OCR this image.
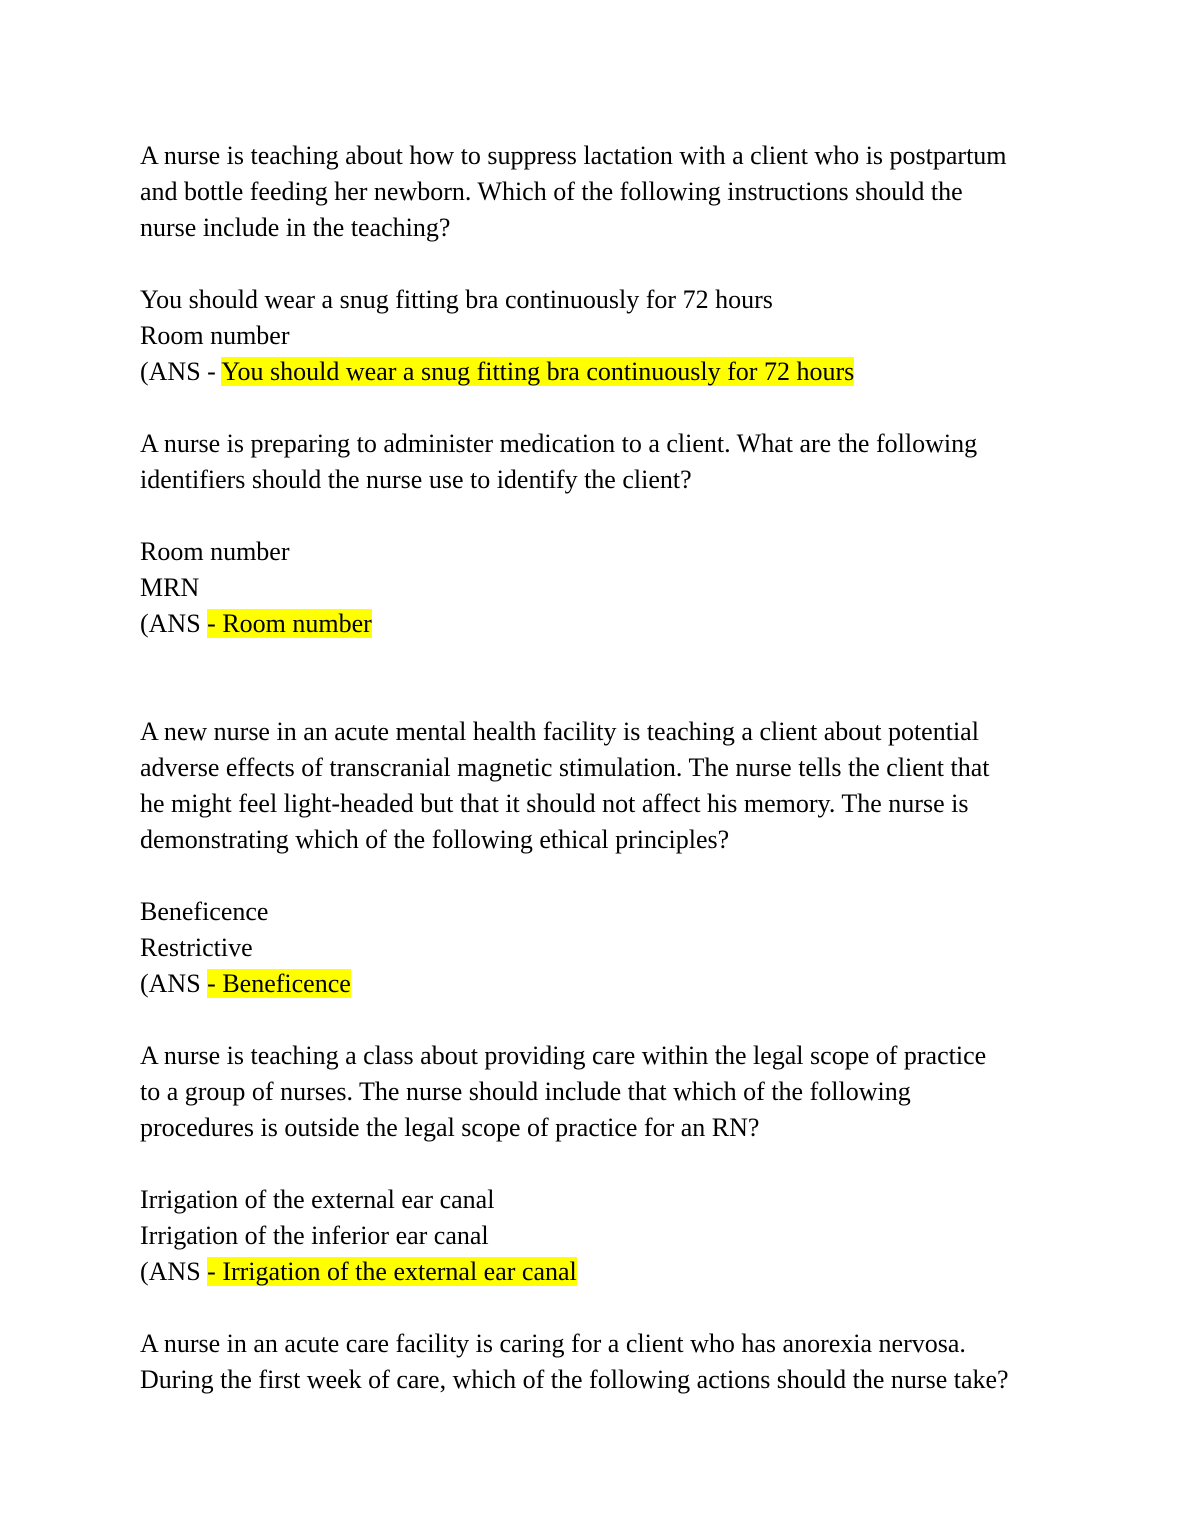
A nurse is teaching about how to suppress lactation with a client who is postpartum
and bottle feeding her newborn. Which of the following instructions should the
nurse include in the teaching?
You should wear a snug fitting bra continuously for 72 hours
Room number
(ANS - You should wear a snug fitting bra continuously for 72 hours
A nurse is preparing to administer medication to a client. What are the following
identifiers should the nurse use to identify the client?
Room number
MRN
(ANS - Room number
A new nurse in an acute mental health facility is teaching a client about potential
adverse effects of transcranial magnetic stimulation. The nurse tells the client that
he might feel light-headed but that it should not affect his memory. The nurse is
demonstrating which of the following ethical principles?
Beneficence
Restrictive
(ANS - Beneficence
A nurse is teaching a class about providing care within the legal scope of practice
to a group of nurses. The nurse should include that which of the following
procedures is outside the legal scope of practice for an RN?
Irrigation of the external ear canal
Irrigation of the inferior ear canal
(ANS - Irrigation of the external ear canal
A nurse in an acute care facility is caring for a client who has anorexia nervosa.
During the first week of care, which of the following actions should the nurse take?
